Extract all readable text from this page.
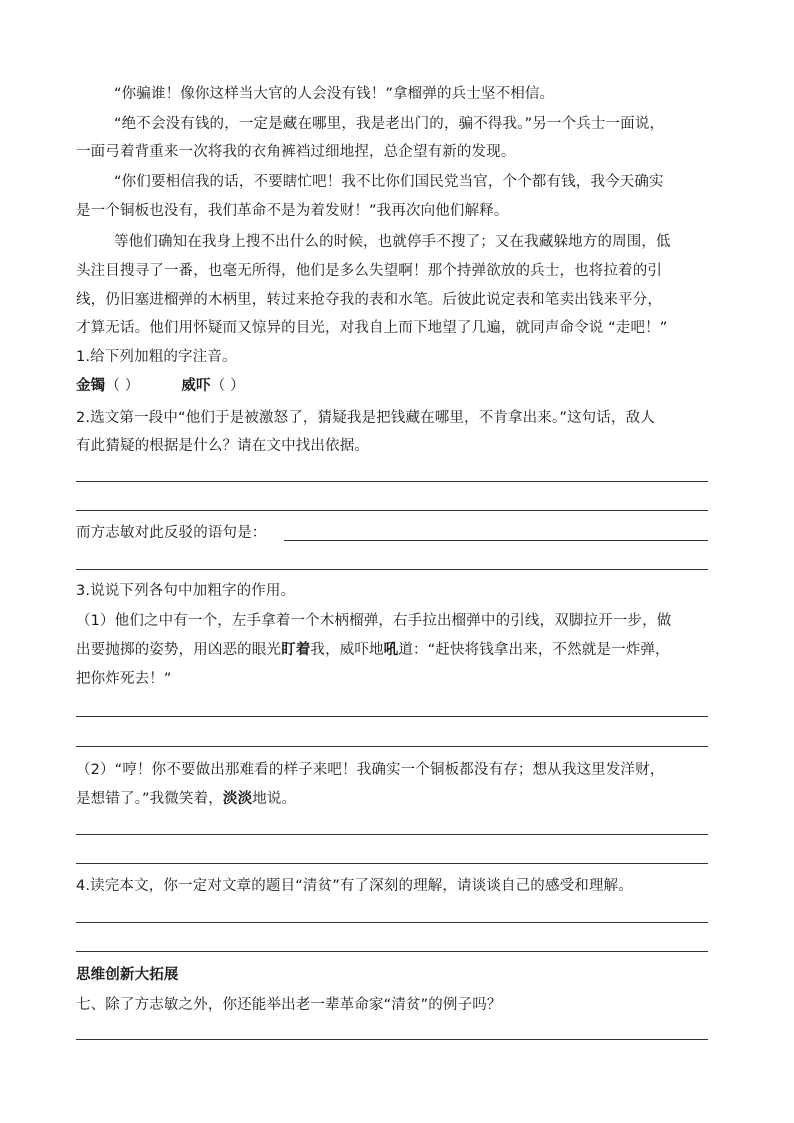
“你骗谁！像你这样当大官的人会没有钱！”拿榴弹的兵士坚不相信。
“绝不会没有钱的，一定是藏在哪里，我是老出门的，骗不得我。”另一个兵士一面说，
一面弓着背重来一次将我的衣角裤裆过细地捏，总企望有新的发现。
“你们要相信我的话，不要瞎忙吧！我不比你们国民党当官，个个都有钱，我今天确实
是一个铜板也没有，我们革命不是为着发财！”我再次向他们解释。
等他们确知在我身上搜不出什么的时候，也就停手不搜了；又在我藏躲地方的周围，低
头注目搜寻了一番，也毫无所得，他们是多么失望啊！那个持弹欲放的兵士，也将拉着的引
线，仍旧塞进榴弹的木柄里，转过来抢夺我的表和水笔。后彼此说定表和笔卖出钱来平分，
才算无话。他们用怀疑而又惊异的目光，对我自上而下地望了几遍，就同声命令说 “走吧！”
1.给下列加粗的字注音。
金镯（ ）	威吓（ ）
2.选文第一段中“他们于是被激怒了，猜疑我是把钱藏在哪里，不肯拿出来。”这句话，敌人
有此猜疑的根据是什么？请在文中找出依据。
而方志敏对此反驳的语句是：
3.说说下列各句中加粗字的作用。
（1）他们之中有一个，左手拿着一个木柄榴弹，右手拉出榴弹中的引线，双脚拉开一步，做
出要抛掷的姿势，用凶恶的眼光盯着我，威吓地吼道：“赶快将钱拿出来，不然就是一炸弹，
把你炸死去！”
（2）“哼！你不要做出那难看的样子来吧！我确实一个铜板都没有存；想从我这里发洋财，
是想错了。”我微笑着，淡淡地说。
4.读完本文，你一定对文章的题目“清贫”有了深刻的理解，请谈谈自己的感受和理解。
思维创新大拓展
七、除了方志敏之外，你还能举出老一辈革命家“清贫”的例子吗？
